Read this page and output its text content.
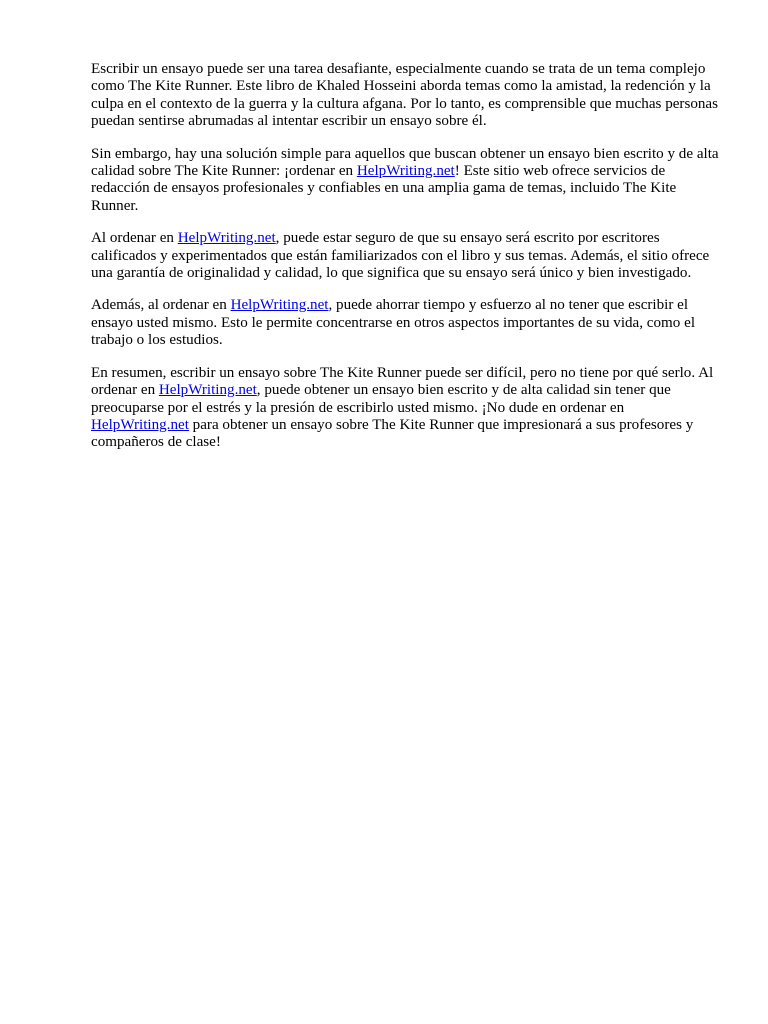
Escribir un ensayo puede ser una tarea desafiante, especialmente cuando se trata de un tema complejo como The Kite Runner. Este libro de Khaled Hosseini aborda temas como la amistad, la redención y la culpa en el contexto de la guerra y la cultura afgana. Por lo tanto, es comprensible que muchas personas puedan sentirse abrumadas al intentar escribir un ensayo sobre él.

Sin embargo, hay una solución simple para aquellos que buscan obtener un ensayo bien escrito y de alta calidad sobre The Kite Runner: ¡ordenar en HelpWriting.net! Este sitio web ofrece servicios de redacción de ensayos profesionales y confiables en una amplia gama de temas, incluido The Kite Runner.

Al ordenar en HelpWriting.net, puede estar seguro de que su ensayo será escrito por escritores calificados y experimentados que están familiarizados con el libro y sus temas. Además, el sitio ofrece una garantía de originalidad y calidad, lo que significa que su ensayo será único y bien investigado.

Además, al ordenar en HelpWriting.net, puede ahorrar tiempo y esfuerzo al no tener que escribir el ensayo usted mismo. Esto le permite concentrarse en otros aspectos importantes de su vida, como el trabajo o los estudios.

En resumen, escribir un ensayo sobre The Kite Runner puede ser difícil, pero no tiene por qué serlo. Al ordenar en HelpWriting.net, puede obtener un ensayo bien escrito y de alta calidad sin tener que preocuparse por el estrés y la presión de escribirlo usted mismo. ¡No dude en ordenar en HelpWriting.net para obtener un ensayo sobre The Kite Runner que impresionará a sus profesores y compañeros de clase!
